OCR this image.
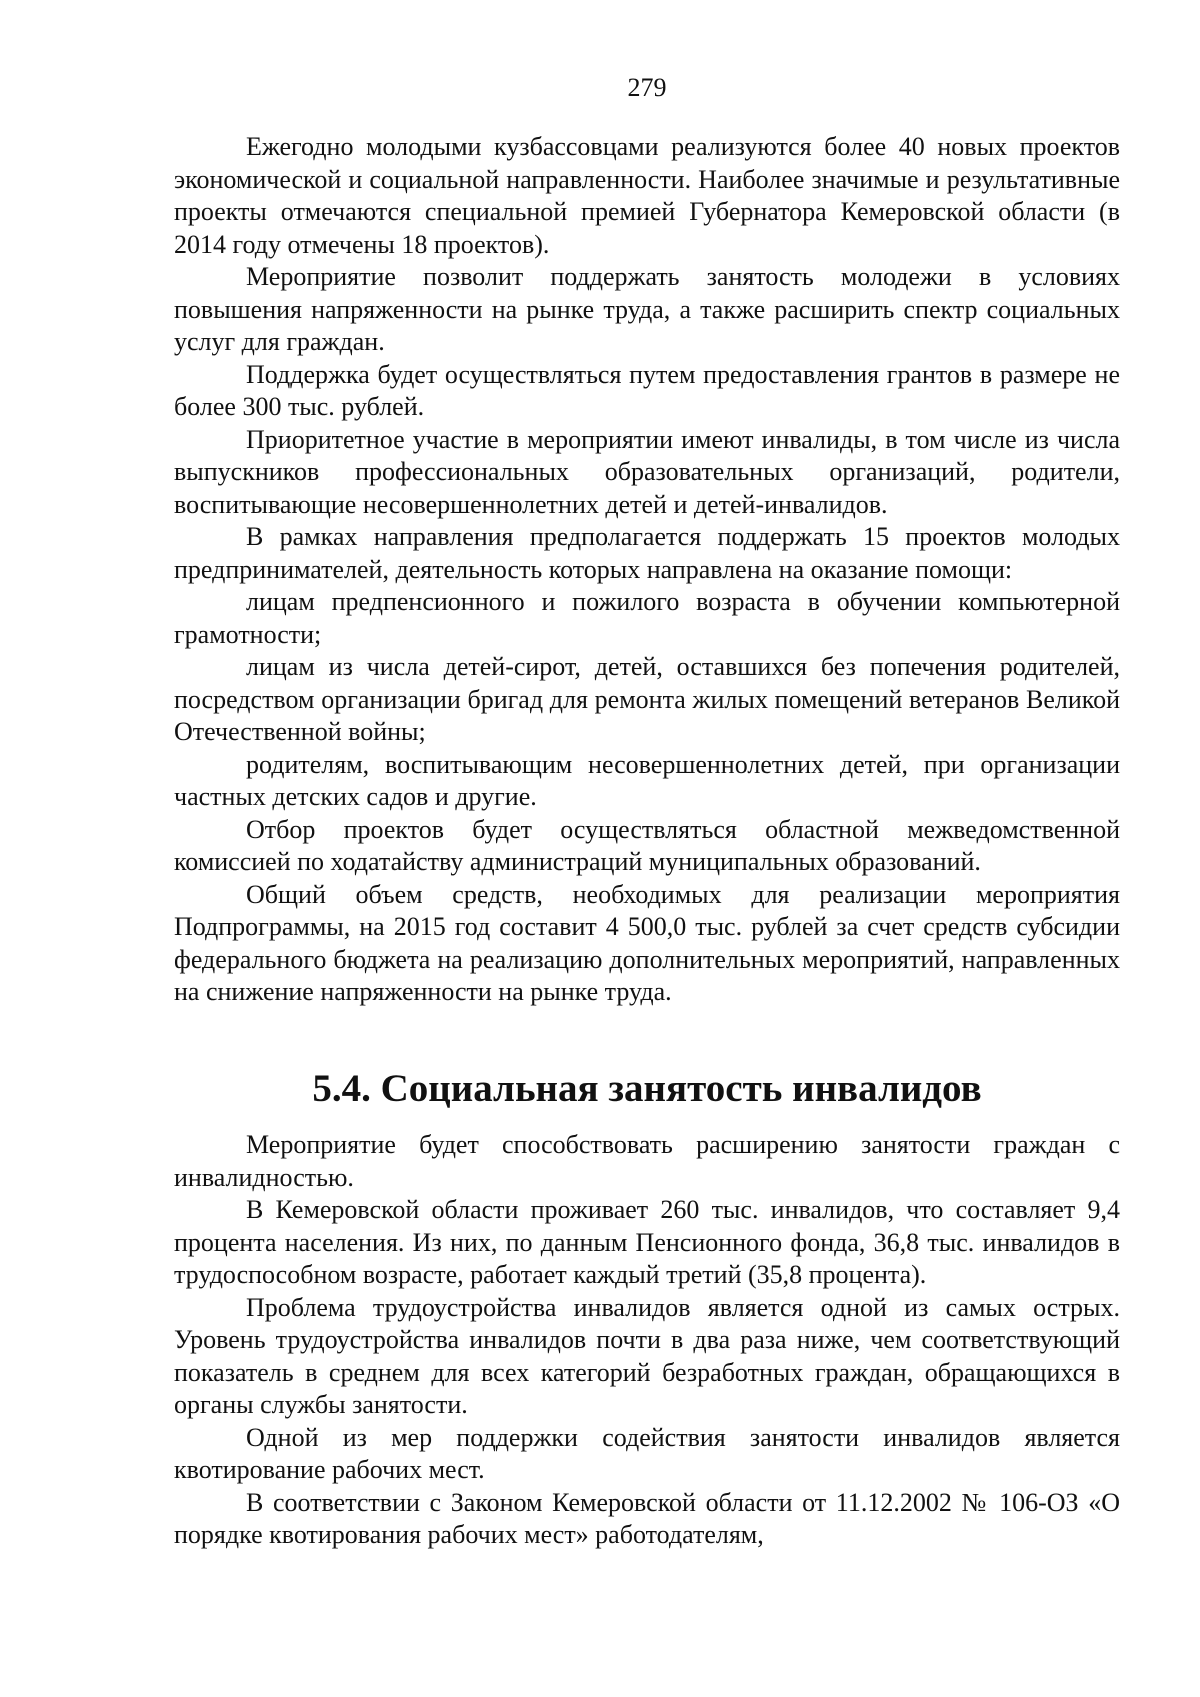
279

Ежегодно молодыми кузбассовцами реализуются более 40 новых проектов экономической и социальной направленности. Наиболее значимые и результативные проекты отмечаются специальной премией Губернатора Кемеровской области (в 2014 году отмечены 18 проектов).

Мероприятие позволит поддержать занятость молодежи в условиях повышения напряженности на рынке труда, а также расширить спектр социальных услуг для граждан.

Поддержка будет осуществляться путем предоставления грантов в размере не более 300 тыс. рублей.

Приоритетное участие в мероприятии имеют инвалиды, в том числе из числа выпускников профессиональных образовательных организаций, родители, воспитывающие несовершеннолетних детей и детей-инвалидов.

В рамках направления предполагается поддержать 15 проектов молодых предпринимателей, деятельность которых направлена на оказание помощи:

лицам предпенсионного и пожилого возраста в обучении компьютерной грамотности;

лицам из числа детей-сирот, детей, оставшихся без попечения родителей, посредством организации бригад для ремонта жилых помещений ветеранов Великой Отечественной войны;

родителям, воспитывающим несовершеннолетних детей, при организации частных детских садов и другие.

Отбор проектов будет осуществляться областной межведомственной комиссией по ходатайству администраций муниципальных образований.

Общий объем средств, необходимых для реализации мероприятия Подпрограммы, на 2015 год составит 4 500,0 тыс. рублей за счет средств субсидии федерального бюджета на реализацию дополнительных мероприятий, направленных на снижение напряженности на рынке труда.

5.4. Социальная занятость инвалидов

Мероприятие будет способствовать расширению занятости граждан с инвалидностью.

В Кемеровской области проживает 260 тыс. инвалидов, что составляет 9,4 процента населения. Из них, по данным Пенсионного фонда, 36,8 тыс. инвалидов в трудоспособном возрасте, работает каждый третий (35,8 процента).

Проблема трудоустройства инвалидов является одной из самых острых. Уровень трудоустройства инвалидов почти в два раза ниже, чем соответствующий показатель в среднем для всех категорий безработных граждан, обращающихся в органы службы занятости.

Одной из мер поддержки содействия занятости инвалидов является квотирование рабочих мест.

В соответствии с Законом Кемеровской области от 11.12.2002 № 106-ОЗ «О порядке квотирования рабочих мест» работодателям,
